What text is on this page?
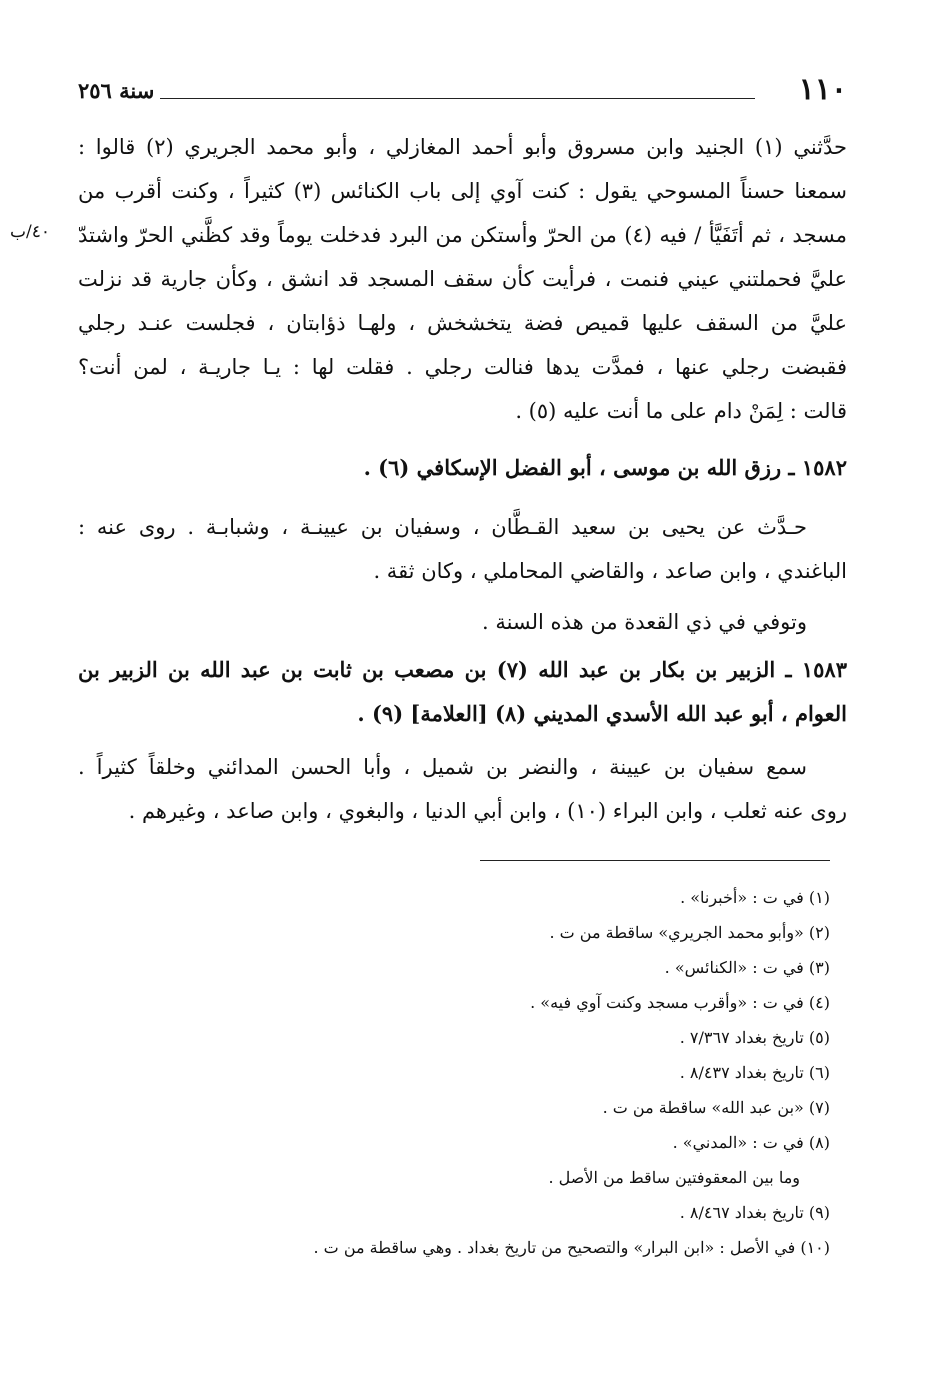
١١٠
سنة ٢٥٦
٤٠/ب
حدَّثني (١) الجنيد وابن مسروق وأبو أحمد المغازلي ، وأبو محمد الجريري (٢) قالوا :
سمعنا حسناً المسوحي يقول : كنت آوي إلى باب الكنائس (٣) كثيراً ، وكنت أقرب من
مسجد ، ثم أتَفَيَّأ / فيه (٤) من الحرّ وأستكن من البرد فدخلت يوماً وقد كظَّني الحرّ واشتدّ
عليَّ فحملتني عيني فنمت ، فرأيت كأن سقف المسجد قد انشق ، وكأن جارية قد نزلت
عليَّ من السقف عليها قميص فضة يتخشخش ، ولهـا ذؤابتان ، فجلست عنـد رجلي
فقبضت رجلي عنها ، فمدَّت يدها فنالت رجلي . فقلت لها : يـا جاريـة ، لمن أنت؟
قالت : لِمَنْ دام على ما أنت عليه (٥) .
١٥٨٢ ـ رزق الله بن موسى ، أبو الفضل الإسكافي (٦) .
حـدَّث عن يحيى بن سعيد القـطَّان ، وسفيان بن عيينـة ، وشبابـة . روى عنه :
الباغندي ، وابن صاعد ، والقاضي المحاملي ، وكان ثقة .
وتوفي في ذي القعدة من هذه السنة .
١٥٨٣ ـ الزبير بن بكار بن عبد الله (٧) بن مصعب بن ثابت بن عبد الله بن الزبير بن
العوام ، أبو عبد الله الأسدي المديني (٨) [العلامة] (٩) .
سمع سفيان بن عيينة ، والنضر بن شميل ، وأبا الحسن المدائني وخلقاً كثيراً .
روى عنه ثعلب ، وابن البراء (١٠) ، وابن أبي الدنيا ، والبغوي ، وابن صاعد ، وغيرهم .
(١) في ت : «أخبرنا» .
(٢) «وأبو محمد الجريري» ساقطة من ت .
(٣) في ت : «الكنائس» .
(٤) في ت : «وأقرب مسجد وكنت آوي فيه» .
(٥) تاريخ بغداد ٧/٣٦٧ .
(٦) تاريخ بغداد ٨/٤٣٧ .
(٧) «بن عبد الله» ساقطة من ت .
(٨) في ت : «المدني» .
وما بين المعقوفتين ساقط من الأصل .
(٩) تاريخ بغداد ٨/٤٦٧ .
(١٠) في الأصل : «ابن البرار» والتصحيح من تاريخ بغداد . وهي ساقطة من ت .
